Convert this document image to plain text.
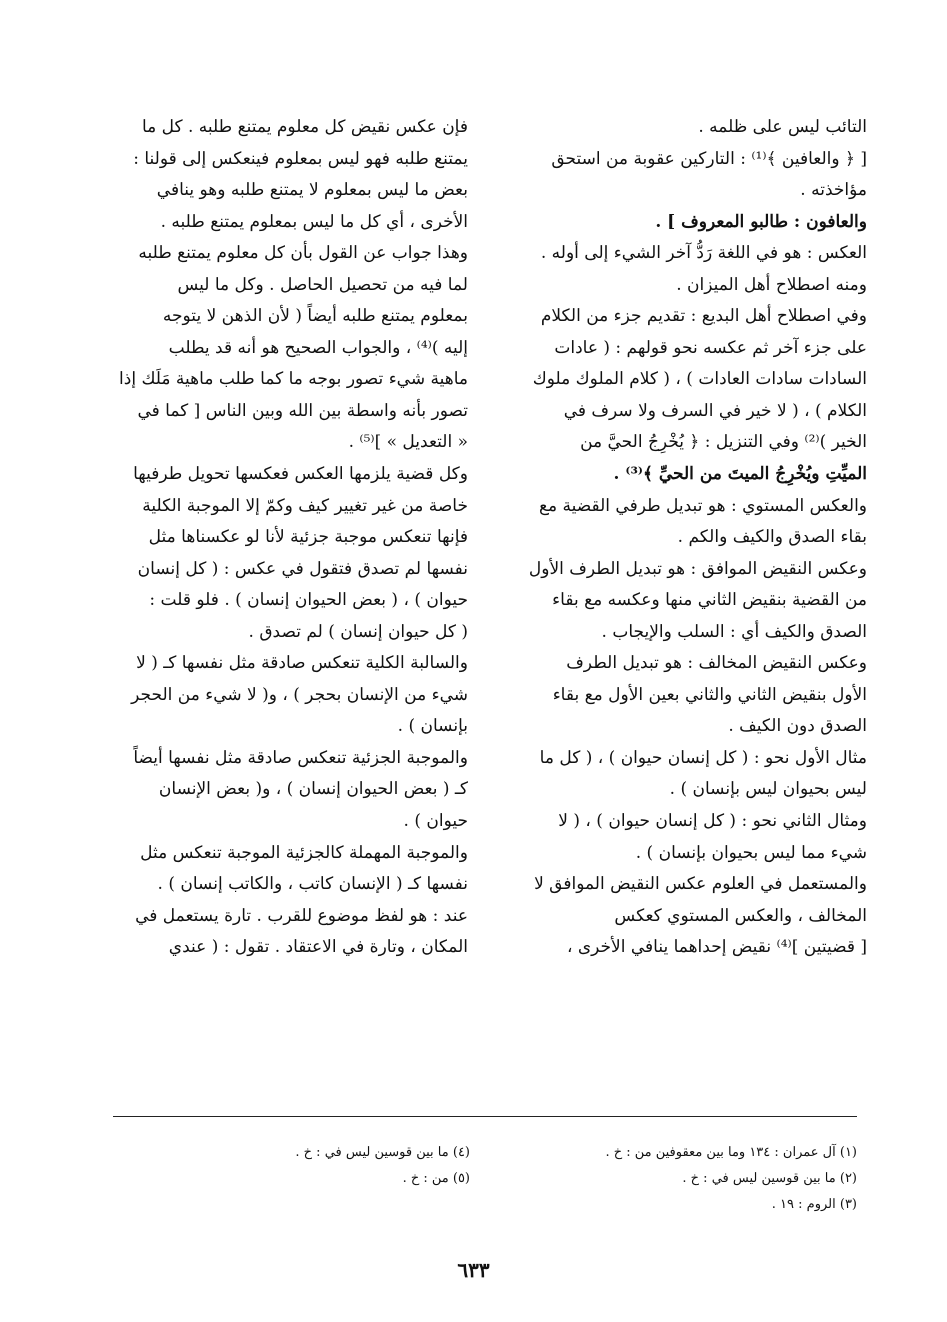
التائب ليس على ظلمه .

[ ﴿ والعافين ﴾⁽¹⁾ : التاركين عقوبة من استحق

مؤاخذته .

والعافون : طالبو المعروف ] .

العكس : هو في اللغة رَدُّ آخر الشيء إلى أوله .

ومنه اصطلاح أهل الميزان .

وفي اصطلاح أهل البديع : تقديم جزء من الكلام

على جزء آخر ثم عكسه نحو قولهم : ( عادات

السادات سادات العادات ) ، ( كلام الملوك ملوك

الكلام ) ، ( لا خير في السرف ولا سرف في

الخير )⁽²⁾ وفي التنزيل : ﴿ يُخْرِجُ الحيَّ من

الميِّتِ ويُخْرِجُ الميتَ من الحيِّ ﴾⁽³⁾ .

والعكس المستوي : هو تبديل طرفي القضية مع

بقاء الصدق والكيف والكم .

وعكس النقيض الموافق : هو تبديل الطرف الأول

من القضية بنقيض الثاني منها وعكسه مع بقاء

الصدق والكيف أي : السلب والإيجاب .

وعكس النقيض المخالف : هو تبديل الطرف

الأول بنقيض الثاني والثاني بعين الأول مع بقاء

الصدق دون الكيف .

مثال الأول نحو : ( كل إنسان حيوان ) ، ( كل ما

ليس بحيوان ليس بإنسان ) .

ومثال الثاني نحو : ( كل إنسان حيوان ) ، ( لا

شيء مما ليس بحيوان بإنسان ) .

والمستعمل في العلوم عكس النقيض الموافق لا

المخالف ، والعكس المستوي كعكس

[ قضيتين ]⁽⁴⁾ نقيض إحداهما ينافي الأخرى ،

فإن عكس نقيض كل معلوم يمتنع طلبه . كل ما

يمتنع طلبه فهو ليس بمعلوم فينعكس إلى قولنا :

بعض ما ليس بمعلوم لا يمتنع طلبه وهو ينافي

الأخرى ، أي كل ما ليس بمعلوم يمتنع طلبه .

وهذا جواب عن القول بأن كل معلوم يمتنع طلبه

لما فيه من تحصيل الحاصل . وكل ما ليس

بمعلوم يمتنع طلبه أيضاً ( لأن الذهن لا يتوجه

إليه )⁽⁴⁾ ، والجواب الصحيح هو أنه قد يطلب

ماهية شيء تصور بوجه ما كما طلب ماهية مَلَك إذا

تصور بأنه واسطة بين الله وبين الناس [ كما في

« التعديل » ]⁽⁵⁾ .

وكل قضية يلزمها العكس فعكسها تحويل طرفيها

خاصة من غير تغيير كيف وكمّ إلا الموجبة الكلية

فإنها تنعكس موجبة جزئية لأنا لو عكسناها مثل

نفسها لم تصدق فتقول في عكس : ( كل إنسان

حيوان ) ، ( بعض الحيوان إنسان ) . فلو قلت :

( كل حيوان إنسان ) لم تصدق .

والسالبة الكلية تنعكس صادقة مثل نفسها كـ ( لا

شيء من الإنسان بحجر ) ، و( لا شيء من الحجر

بإنسان ) .

والموجبة الجزئية تنعكس صادقة مثل نفسها أيضاً

كـ ( بعض الحيوان إنسان ) ، و( بعض الإنسان

حيوان ) .

والموجبة المهملة كالجزئية الموجبة تنعكس مثل

نفسها كـ ( الإنسان كاتب ، والكاتب إنسان ) .

عند : هو لفظ موضوع للقرب . تارة يستعمل في

المكان ، وتارة في الاعتقاد . تقول : ( عندي

(١) آل عمران : ١٣٤ وما بين معقوفين من : خ .
(٢) ما بين قوسين ليس في : خ .
(٣) الروم : ١٩ .
(٤) ما بين قوسين ليس في : خ .
(٥) من : خ .
٦٣٣
